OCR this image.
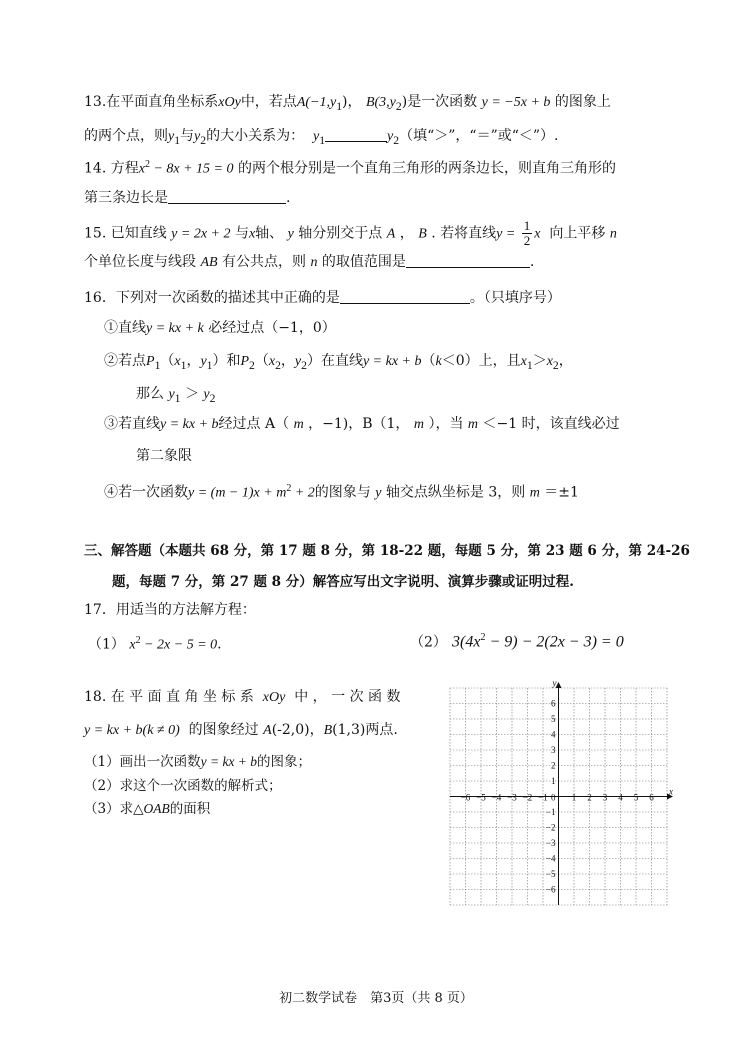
13.在平面直角坐标系xOy中，若点$A(-1,y_1)$， $B(3,y_2)$是一次函数 y = −5x + b 的图象上
的两个点，则$y_1$与$y_2$的大小关系为： $y_1$	$y_2$（填“＞”，“＝”或“＜”）.
14. 方程$x^2 - 8x + 15 = 0$ 的两个根分别是一个直角三角形的两条边长，则直角三角形的
第三条边长是	.
15. 已知直线 y = 2x + 2 与x轴、 y 轴分别交于点 A ， B . 若将直线$y = \frac{1}{2}$ x 向上平移 n
个单位长度与线段 AB 有公共点，则 n 的取值范围是	.
16．下列对一次函数的描述其中正确的是	。（只填序号）
①直线y = kx + k 必经过点（−1，0）
②若点$P_1(x_1$，$y_1$）和$P_2(x_2$，$y_2$）在直线y = kx + b（k＜0）上，且$x_1>x_2$，
那么 $y_1 > y_2$
③若直线y = kx + b经过点 A（ m ，−1)，B（1， m ），当 m ＜−1 时，该直线必过
第二象限
④若一次函数$y = (m - 1)x + m^2 + 2$的图象与 y 轴交点纵坐标是 3，则 m ＝±1
三、解答题（本题共 68 分，第 17 题 8 分，第 18-22 题，每题 5 分，第 23 题 6 分，第 24-26
题，每题 7 分，第 27 题 8 分）解答应写出文字说明、演算步骤或证明过程.
17．用适当的方法解方程：
（1） $x^2 - 2x - 5 = 0$.	（2） $3(4x^2 - 9) - 2(2x - 3) = 0$
18. 在 平 面 直 角 坐 标 系 xOy 中 ， 一 次 函 数
y = kx + b(k ≠ 0) 的图象经过 A(-2,0)，B(1,3)两点.
（1）画出一次函数y = kx + b的图象；
（2）求这个一次函数的解析式；
（3）求△OAB的面积
−6 −5 −4 −3 −2 −1	1 2 3 4 5 6
6
5
4
3
2
1
−1
−2
−3
−4
−5
−6
0
x
y
初二数学试卷　第3页（共 8 页）
